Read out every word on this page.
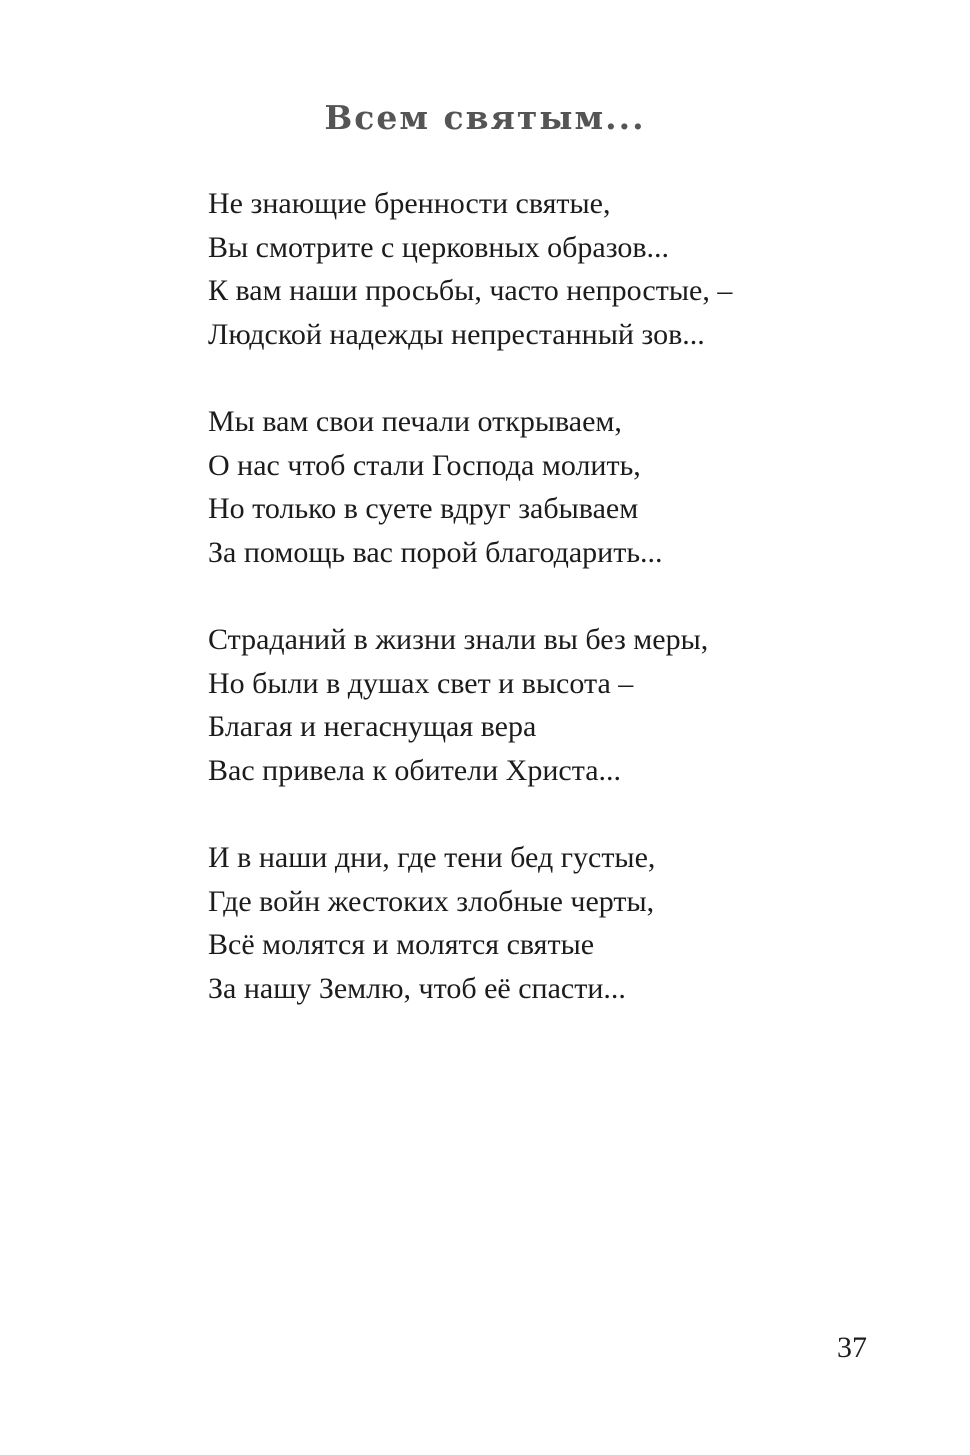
Всем святым...
Не знающие бренности святые,
Вы смотрите с церковных образов...
К вам наши просьбы, часто непростые, –
Людской надежды непрестанный зов...
Мы вам свои печали открываем,
О нас чтоб стали Господа молить,
Но только в суете вдруг забываем
За помощь вас порой благодарить...
Страданий в жизни знали вы без меры,
Но были в душах свет и высота –
Благая и негаснущая вера
Вас привела к обители Христа...
И в наши дни, где тени бед густые,
Где войн жестоких злобные черты,
Всё молятся и молятся святые
За нашу Землю, чтоб её спасти...
37
